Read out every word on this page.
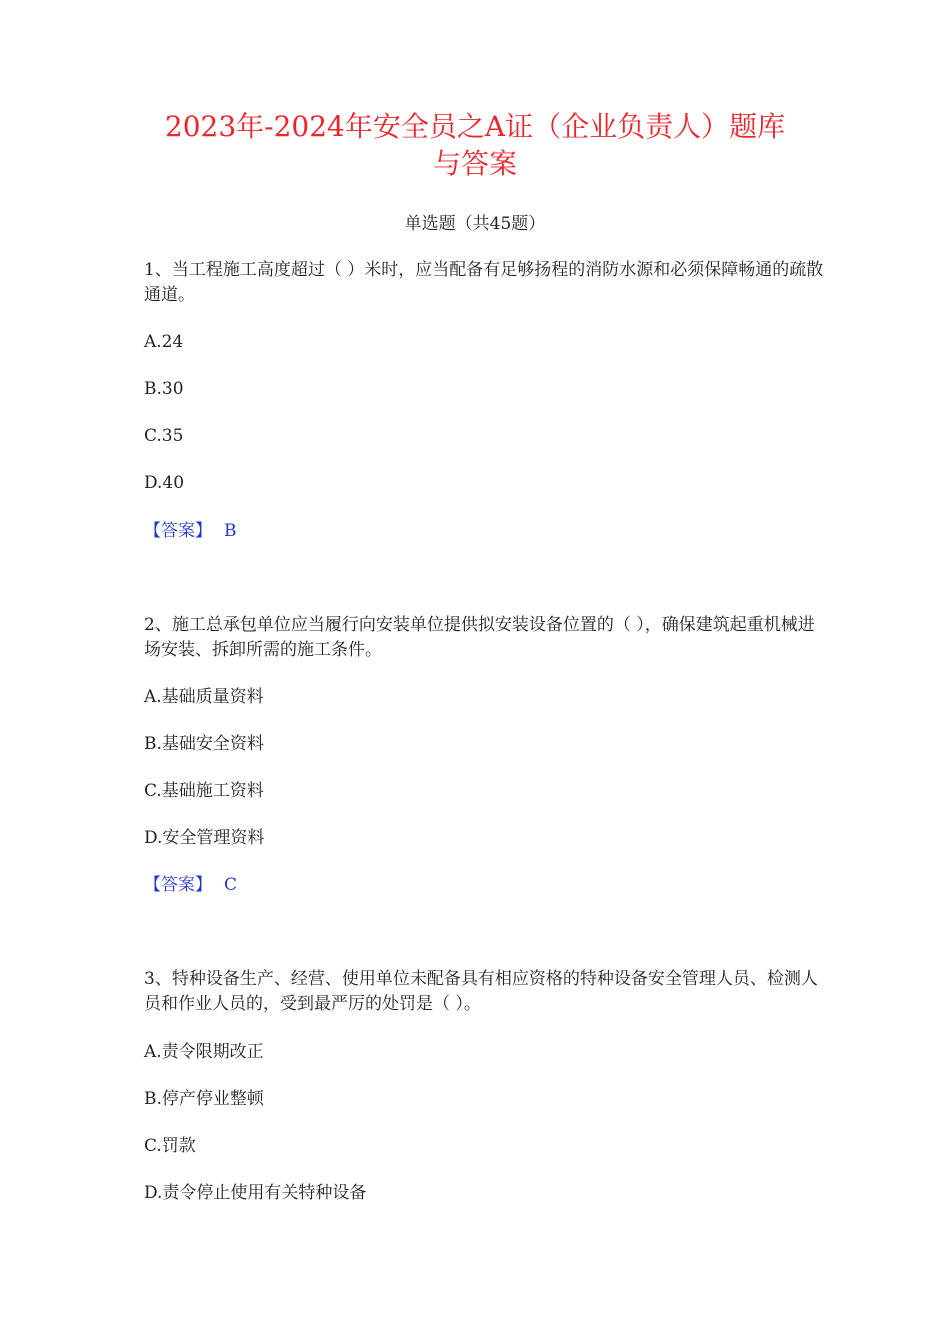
2023年-2024年安全员之A证（企业负责人）题库
与答案
单选题（共45题）
1、当工程施工高度超过（ ）米时，应当配备有足够扬程的消防水源和必须保障畅通的疏散通道。
A.24
B.30
C.35
D.40
【答案】 B
2、施工总承包单位应当履行向安装单位提供拟安装设备位置的（ ），确保建筑起重机械进场安装、拆卸所需的施工条件。
A.基础质量资料
B.基础安全资料
C.基础施工资料
D.安全管理资料
【答案】 C
3、特种设备生产、经营、使用单位未配备具有相应资格的特种设备安全管理人员、检测人员和作业人员的，受到最严厉的处罚是（ ）。
A.责令限期改正
B.停产停业整顿
C.罚款
D.责令停止使用有关特种设备
